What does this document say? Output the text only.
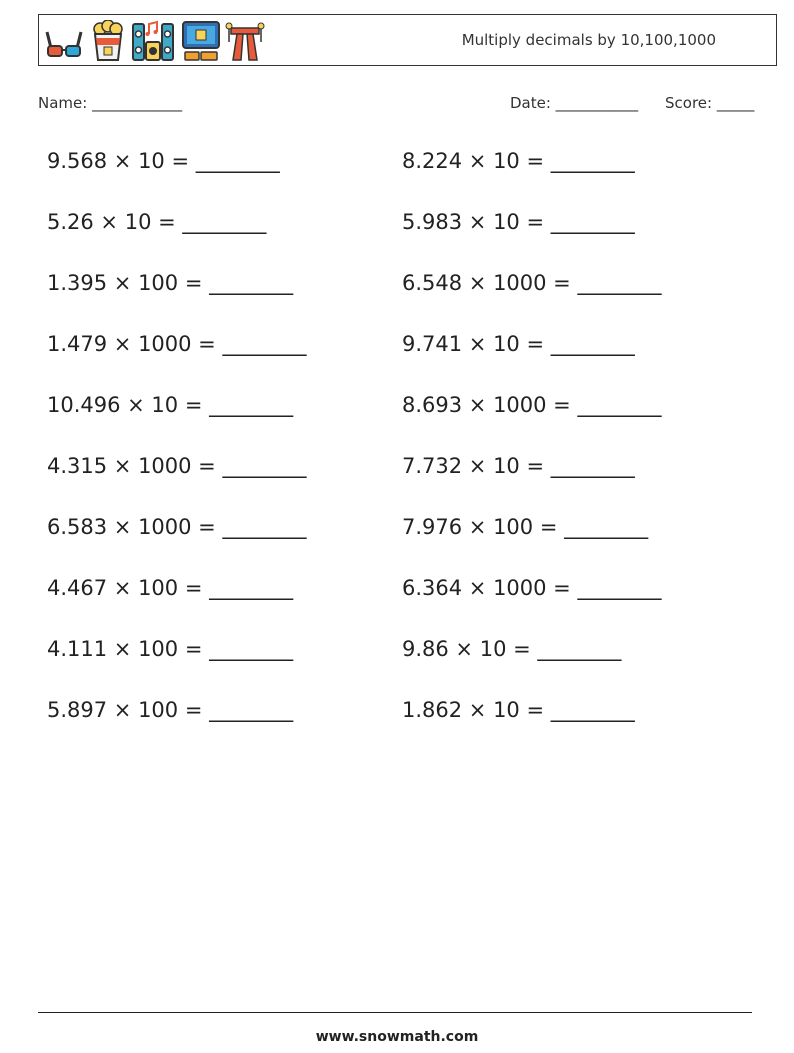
Multiply decimals by 10,100,1000
Name: ____________	Date: ___________ Score: _____
9.568 × 10 = ________	8.224 × 10 = ________
5.26 × 10 = ________	5.983 × 10 = ________
1.395 × 100 = ________	6.548 × 1000 = ________
1.479 × 1000 = ________	9.741 × 10 = ________
10.496 × 10 = ________	8.693 × 1000 = ________
4.315 × 1000 = ________	7.732 × 10 = ________
6.583 × 1000 = ________	7.976 × 100 = ________
4.467 × 100 = ________	6.364 × 1000 = ________
4.111 × 100 = ________	9.86 × 10 = ________
5.897 × 100 = ________	1.862 × 10 = ________
www.snowmath.com
